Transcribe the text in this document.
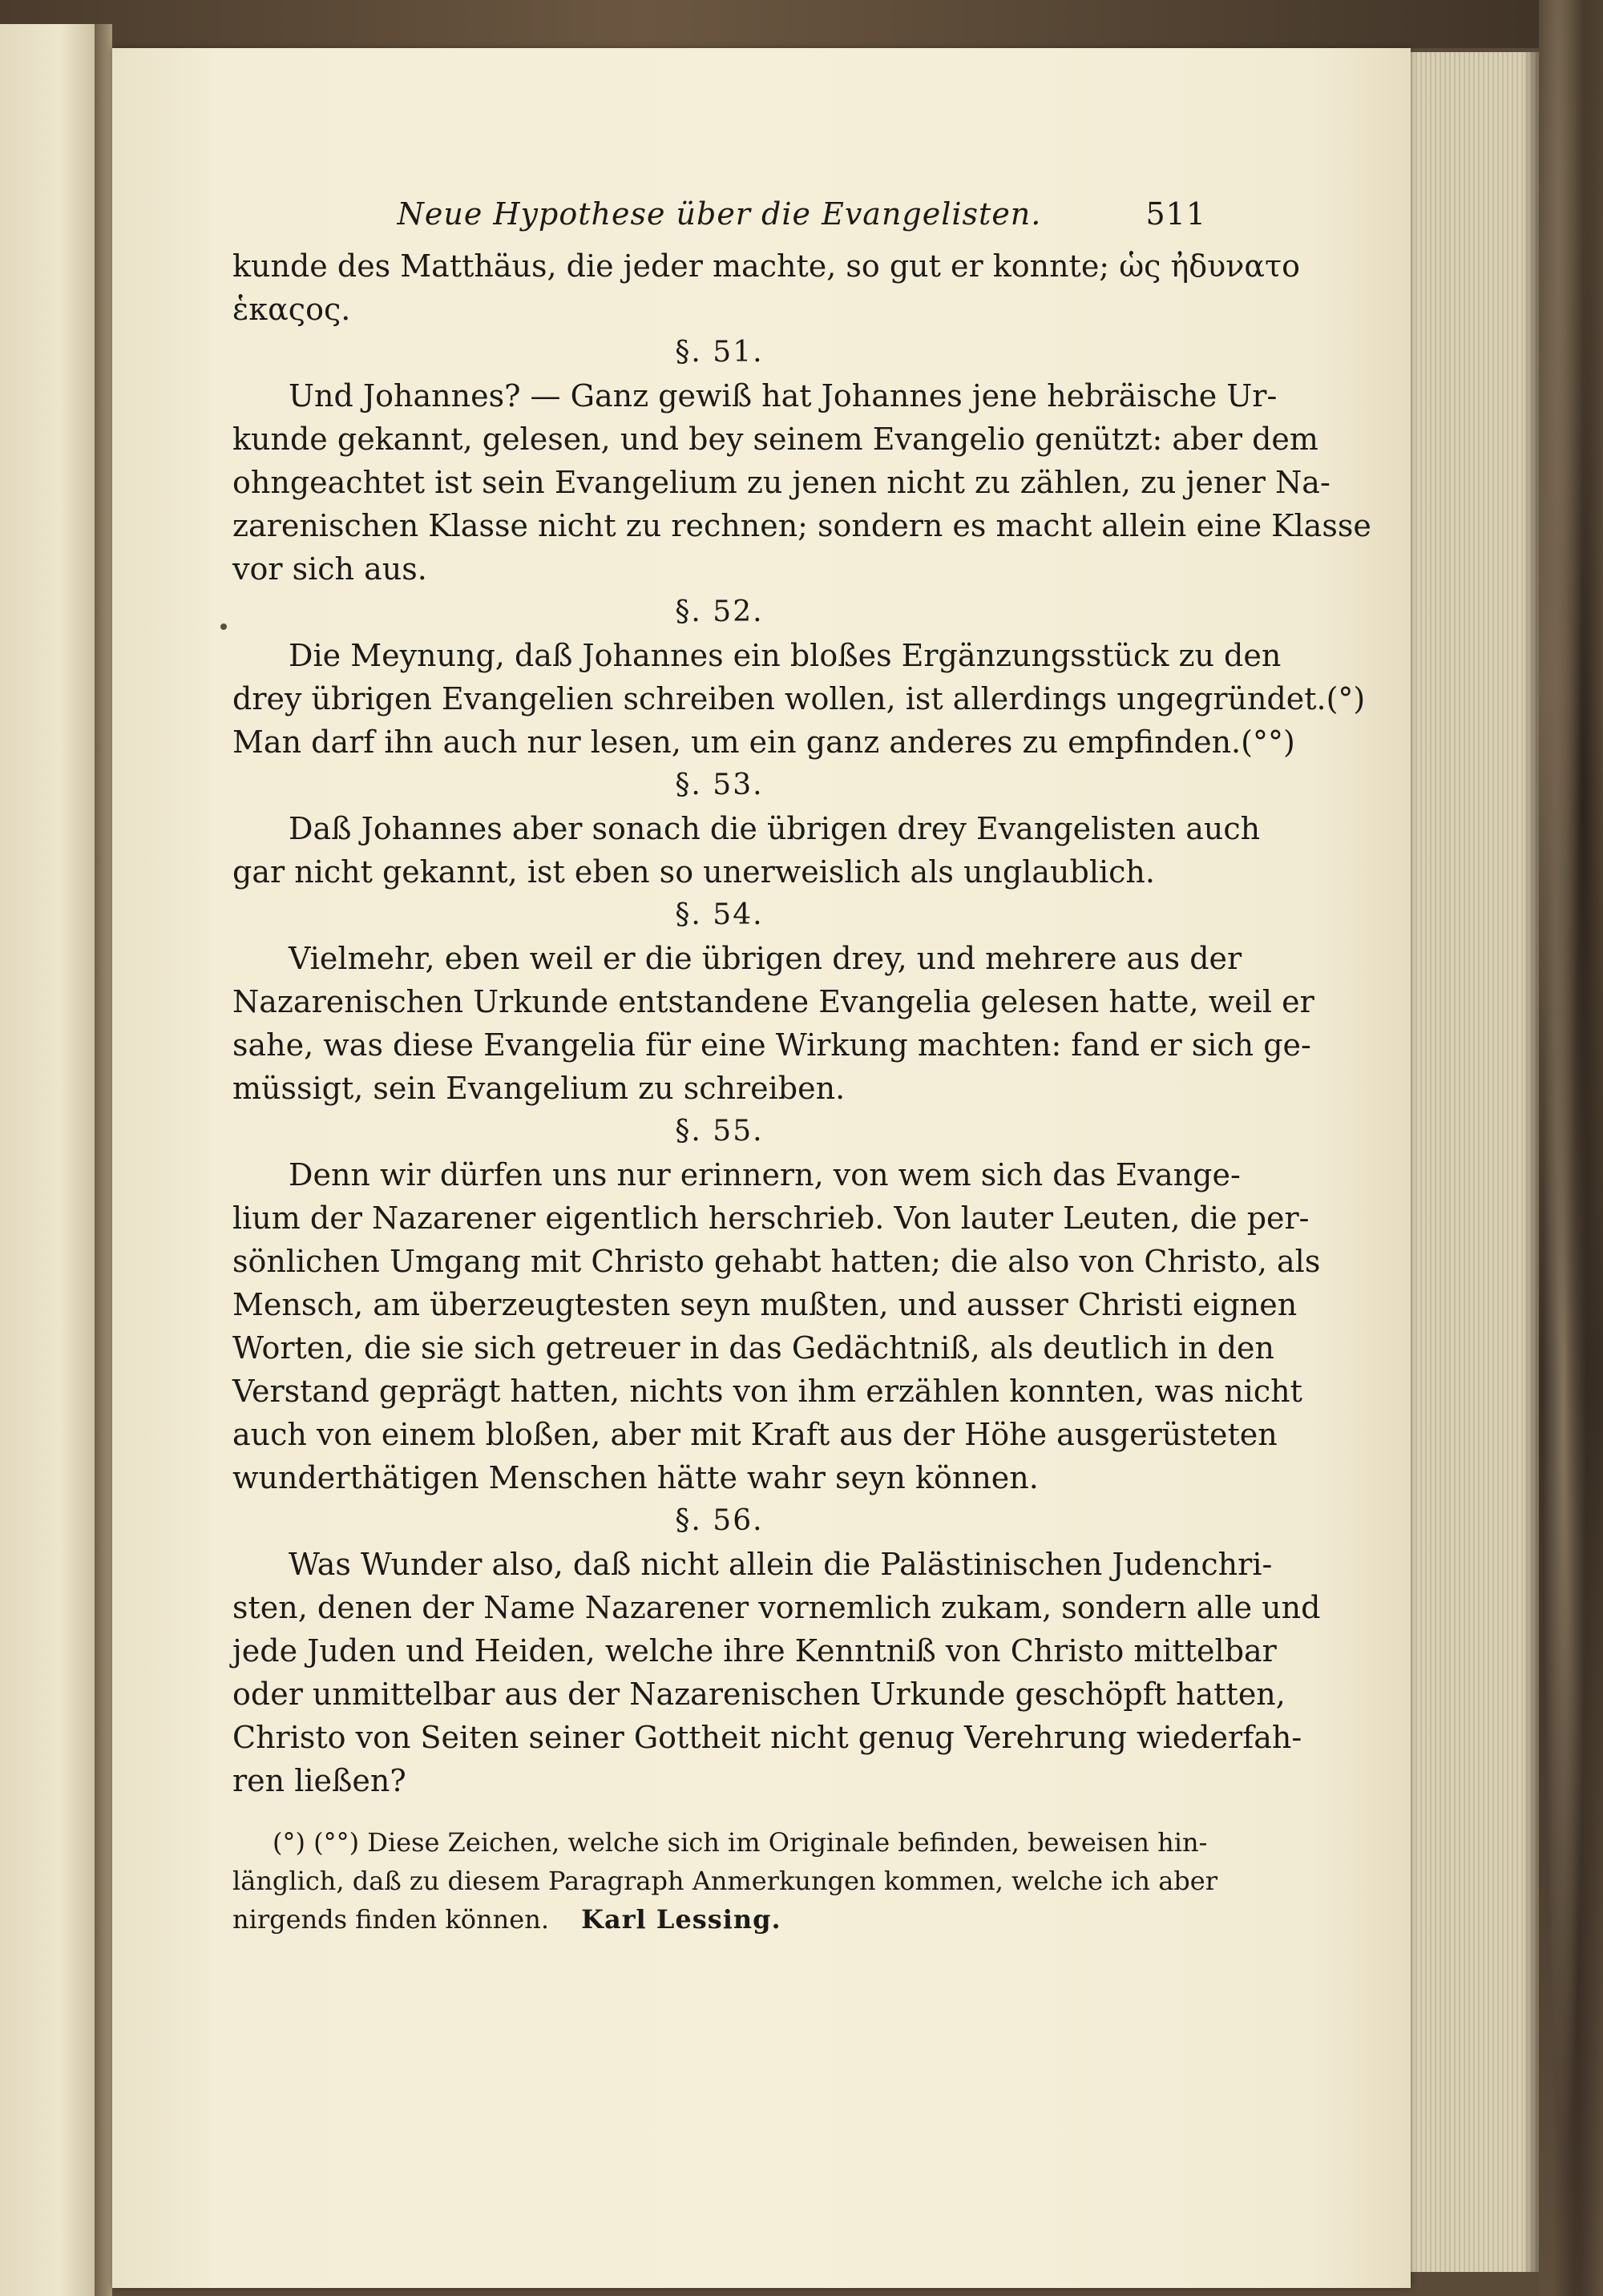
Neue Hypothese über die Evangelisten.	511
kunde des Matthäus, die jeder machte, so gut er konnte; ὡς ἠδυνατο
ἑκαςος.
§. 51.
Und Johannes? — Ganz gewiß hat Johannes jene hebräische Ur-
kunde gekannt, gelesen, und bey seinem Evangelio genützt: aber dem
ohngeachtet ist sein Evangelium zu jenen nicht zu zählen, zu jener Na-
zarenischen Klasse nicht zu rechnen; sondern es macht allein eine Klasse
vor sich aus.
§. 52.
Die Meynung, daß Johannes ein bloßes Ergänzungsstück zu den
drey übrigen Evangelien schreiben wollen, ist allerdings ungegründet.(°)
Man darf ihn auch nur lesen, um ein ganz anderes zu empfinden.(°°)
§. 53.
Daß Johannes aber sonach die übrigen drey Evangelisten auch
gar nicht gekannt, ist eben so unerweislich als unglaublich.
§. 54.
Vielmehr, eben weil er die übrigen drey, und mehrere aus der
Nazarenischen Urkunde entstandene Evangelia gelesen hatte, weil er
sahe, was diese Evangelia für eine Wirkung machten: fand er sich ge-
müssigt, sein Evangelium zu schreiben.
§. 55.
Denn wir dürfen uns nur erinnern, von wem sich das Evange-
lium der Nazarener eigentlich herschrieb. Von lauter Leuten, die per-
sönlichen Umgang mit Christo gehabt hatten; die also von Christo, als
Mensch, am überzeugtesten seyn mußten, und ausser Christi eignen
Worten, die sie sich getreuer in das Gedächtniß, als deutlich in den
Verstand geprägt hatten, nichts von ihm erzählen konnten, was nicht
auch von einem bloßen, aber mit Kraft aus der Höhe ausgerüsteten
wunderthätigen Menschen hätte wahr seyn können.
§. 56.
Was Wunder also, daß nicht allein die Palästinischen Judenchri-
sten, denen der Name Nazarener vornemlich zukam, sondern alle und
jede Juden und Heiden, welche ihre Kenntniß von Christo mittelbar
oder unmittelbar aus der Nazarenischen Urkunde geschöpft hatten,
Christo von Seiten seiner Gottheit nicht genug Verehrung wiederfah-
ren ließen?
(°) (°°) Diese Zeichen, welche sich im Originale befinden, beweisen hin-
länglich, daß zu diesem Paragraph Anmerkungen kommen, welche ich aber
nirgends finden können. Karl Lessing.
